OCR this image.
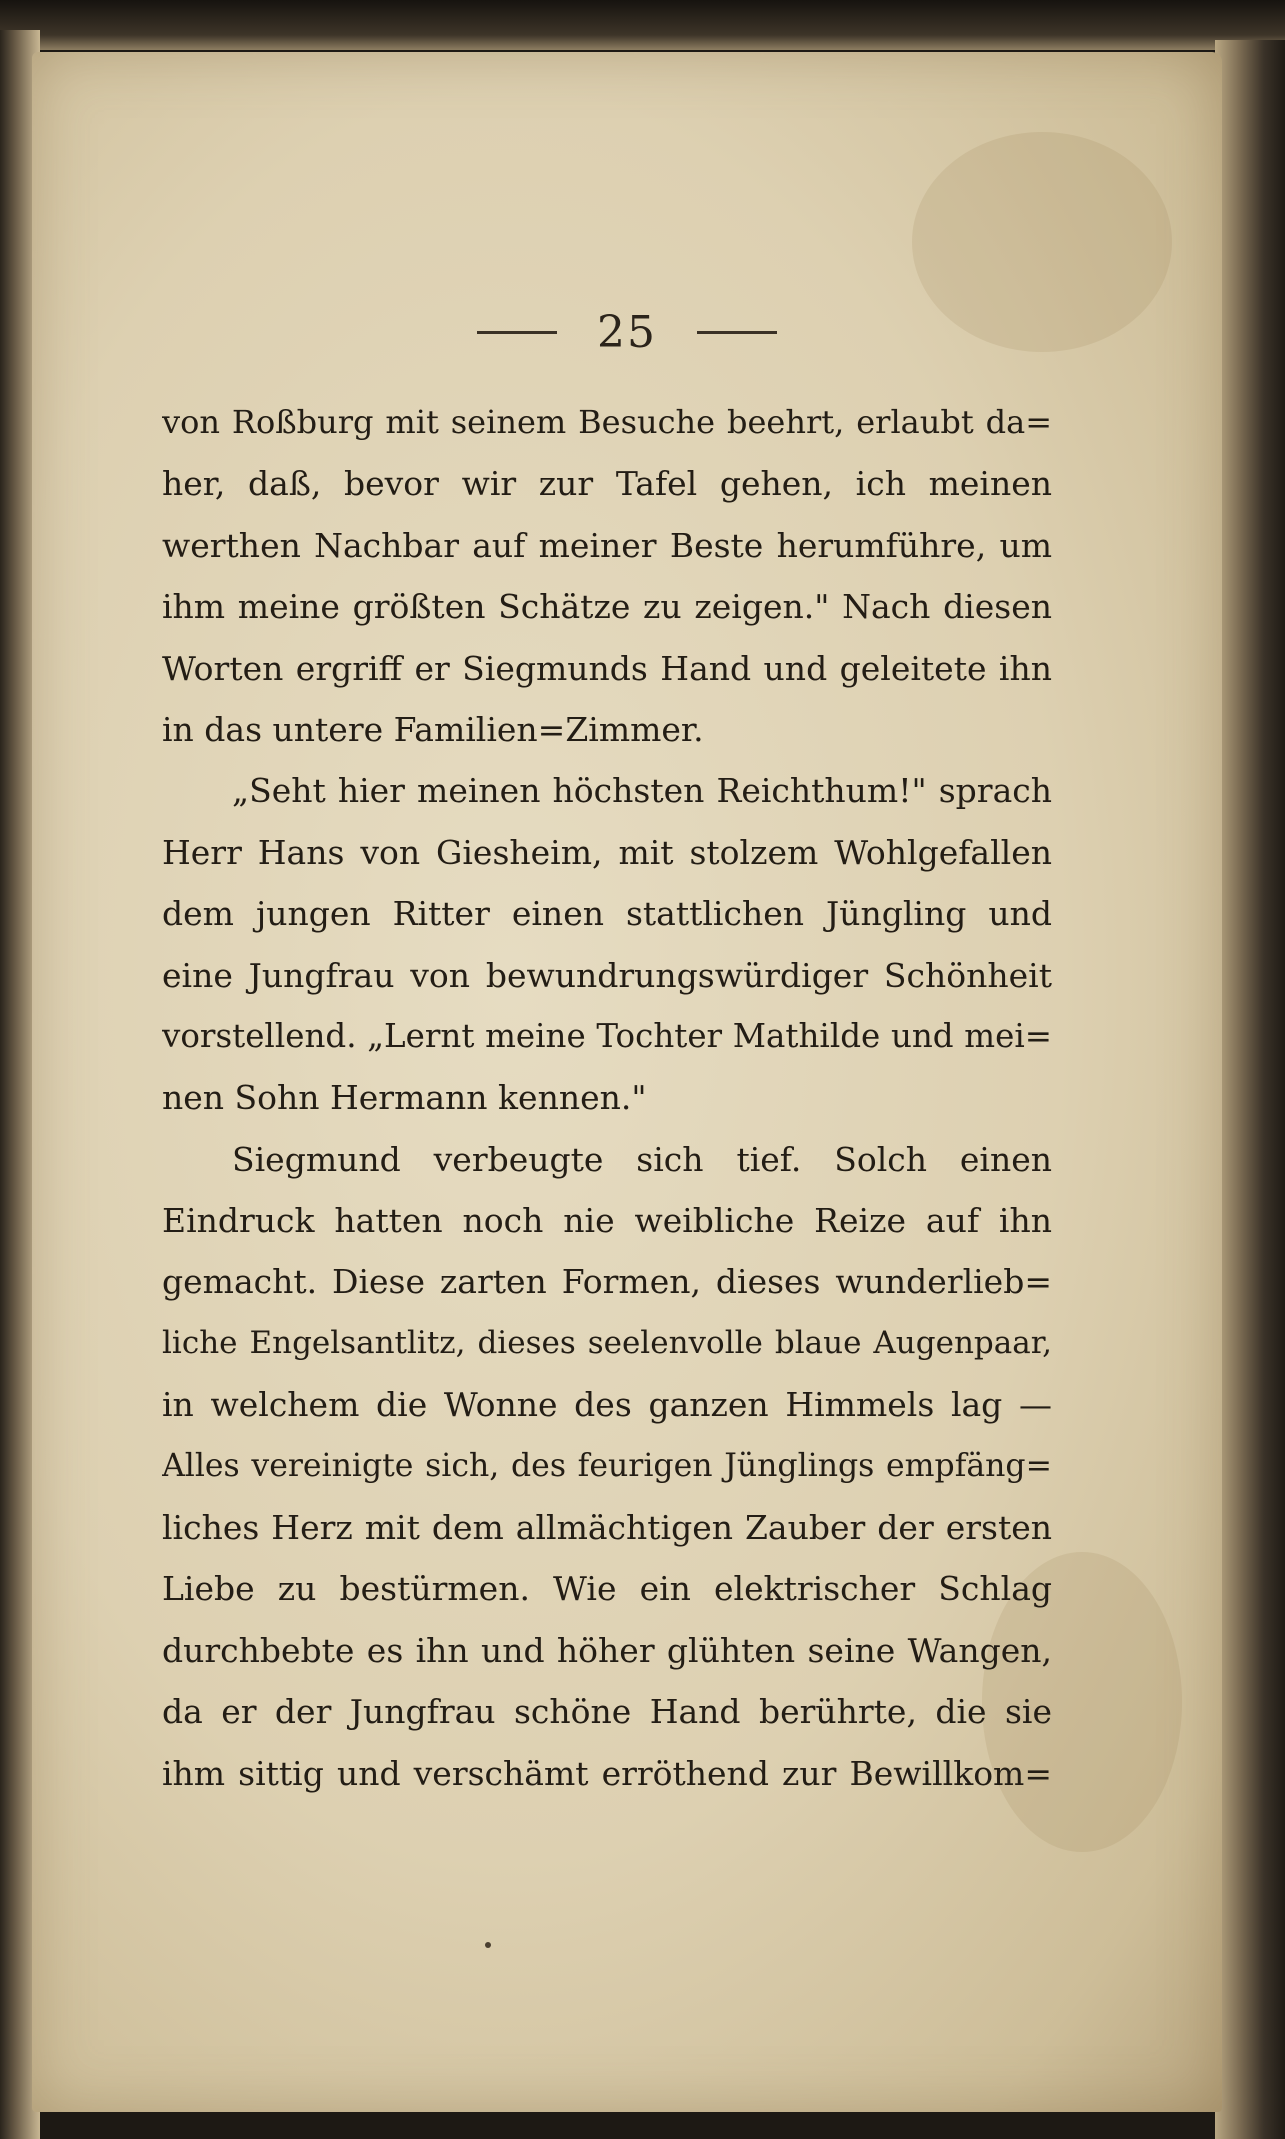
25
von Roßburg mit seinem Besuche beehrt, erlaubt da=
her, daß, bevor wir zur Tafel gehen, ich meinen
werthen Nachbar auf meiner Beste herumführe, um
ihm meine größten Schätze zu zeigen." Nach diesen
Worten ergriff er Siegmunds Hand und geleitete ihn
in das untere Familien=Zimmer.
„Seht hier meinen höchsten Reichthum!" sprach
Herr Hans von Giesheim, mit stolzem Wohlgefallen
dem jungen Ritter einen stattlichen Jüngling und
eine Jungfrau von bewundrungswürdiger Schönheit
vorstellend. „Lernt meine Tochter Mathilde und mei=
nen Sohn Hermann kennen."
Siegmund verbeugte sich tief. Solch einen
Eindruck hatten noch nie weibliche Reize auf ihn
gemacht. Diese zarten Formen, dieses wunderlieb=
liche Engelsantlitz, dieses seelenvolle blaue Augenpaar,
in welchem die Wonne des ganzen Himmels lag —
Alles vereinigte sich, des feurigen Jünglings empfäng=
liches Herz mit dem allmächtigen Zauber der ersten
Liebe zu bestürmen. Wie ein elektrischer Schlag
durchbebte es ihn und höher glühten seine Wangen,
da er der Jungfrau schöne Hand berührte, die sie
ihm sittig und verschämt erröthend zur Bewillkom=
